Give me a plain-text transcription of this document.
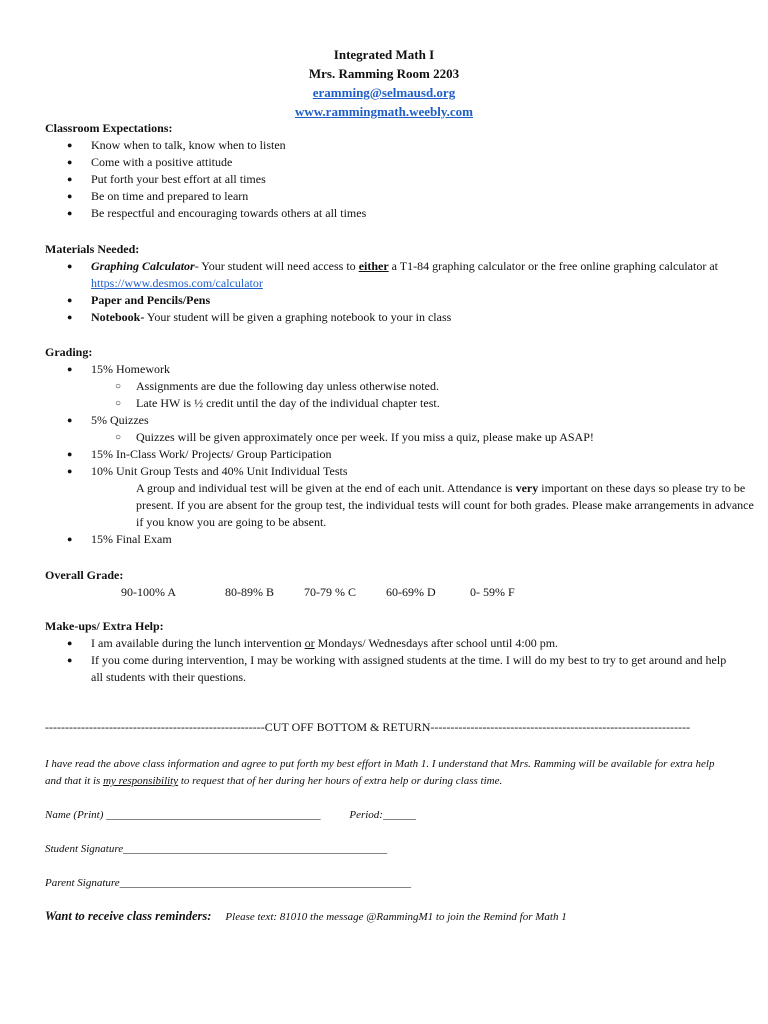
Integrated Math I
Mrs. Ramming Room 2203
eramming@selmausd.org
www.rammingmath.weebly.com
Classroom Expectations:
● Know when to talk, know when to listen
● Come with a positive attitude
● Put forth your best effort at all times
● Be on time and prepared to learn
● Be respectful and encouraging towards others at all times
Materials Needed:
● Graphing Calculator- Your student will need access to either a T1-84 graphing calculator or the free online graphing calculator at https://www.desmos.com/calculator
● Paper and Pencils/Pens
● Notebook- Your student will be given a graphing notebook to your in class
Grading:
● 15% Homework
○ Assignments are due the following day unless otherwise noted.
○ Late HW is ½ credit until the day of the individual chapter test.
● 5% Quizzes
○ Quizzes will be given approximately once per week. If you miss a quiz, please make up ASAP!
● 15% In-Class Work/ Projects/ Group Participation
● 10% Unit Group Tests and 40% Unit Individual Tests
A group and individual test will be given at the end of each unit. Attendance is very important on these days so please try to be present. If you are absent for the group test, the individual tests will count for both grades. Please make arrangements in advance if you know you are going to be absent.
● 15% Final Exam
Overall Grade:
90-100% A	80-89% B	70-79 % C	60-69% D	0- 59% F
Make-ups/ Extra Help:
● I am available during the lunch intervention or Mondays/ Wednesdays after school until 4:00 pm.
● If you come during intervention, I may be working with assigned students at the time. I will do my best to try to get around and help all students with their questions.
-------------------------------------------------------CUT OFF BOTTOM & RETURN-----------------------------------------------------------------
I have read the above class information and agree to put forth my best effort in Math 1. I understand that Mrs. Ramming will be available for extra help and that it is my responsibility to request that of her during her hours of extra help or during class time.
Name (Print) _______________________________________	Period:______
Student Signature________________________________________________
Parent Signature_____________________________________________________
Want to receive class reminders: Please text: 81010 the message @RammingM1 to join the Remind for Math 1
